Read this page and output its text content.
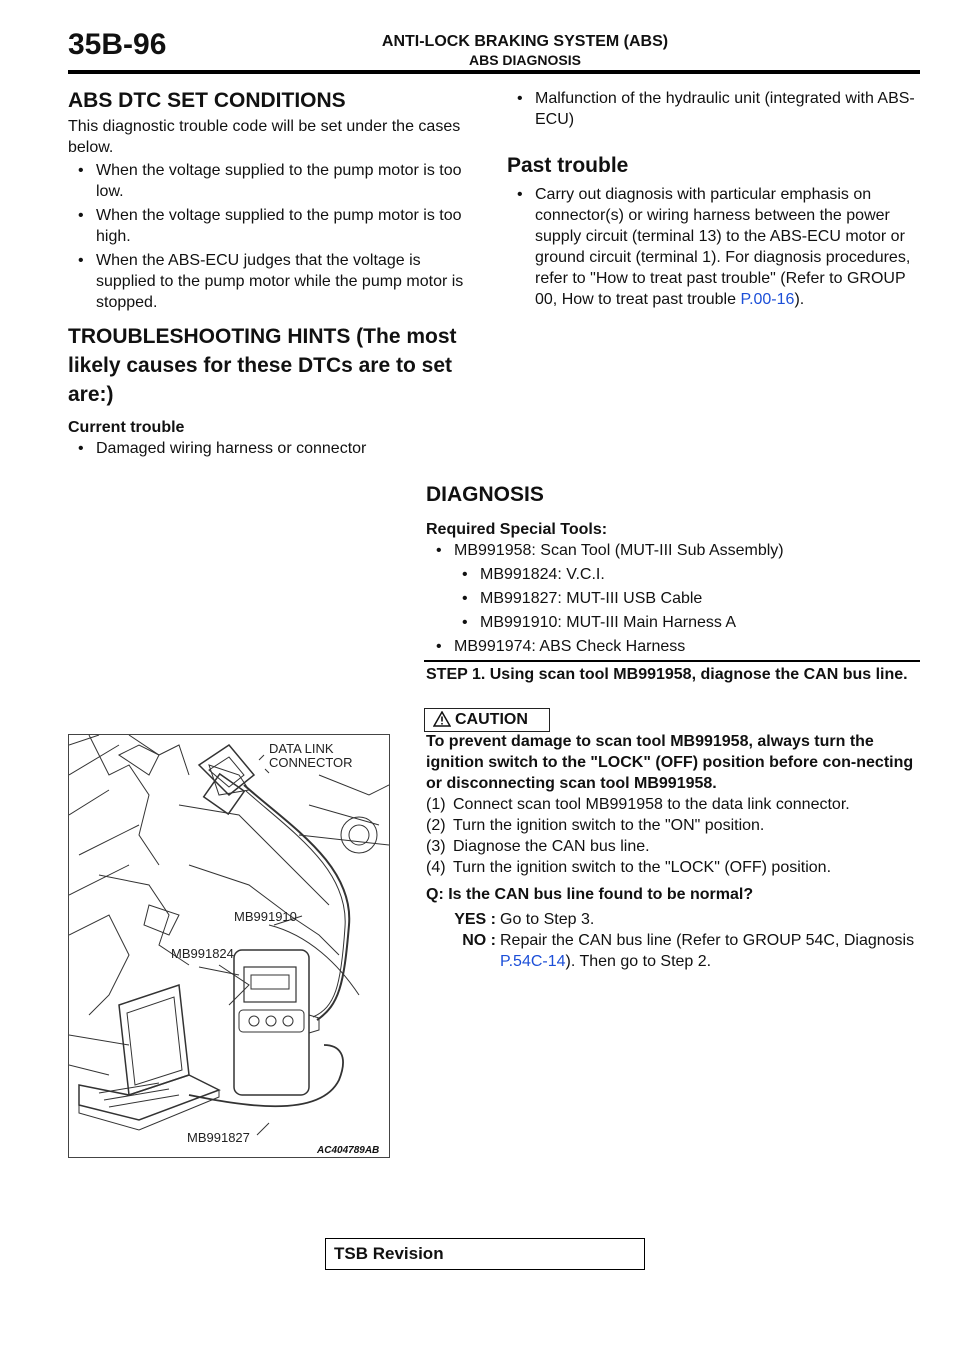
35B-96	ANTI-LOCK BRAKING SYSTEM (ABS)
ABS DIAGNOSIS
ABS DTC SET CONDITIONS
This diagnostic trouble code will be set under the cases below.
• When the voltage supplied to the pump motor is too low.
• When the voltage supplied to the pump motor is too high.
• When the ABS-ECU judges that the voltage is supplied to the pump motor while the pump motor is stopped.
TROUBLESHOOTING HINTS (The most likely causes for these DTCs are to set are:)
Current trouble
• Damaged wiring harness or connector
• Malfunction of the hydraulic unit (integrated with ABS-ECU)
Past trouble
• Carry out diagnosis with particular emphasis on connector(s) or wiring harness between the power supply circuit (terminal 13) to the ABS-ECU motor or ground circuit (terminal 1). For diagnosis procedures, refer to "How to treat past trouble" (Refer to GROUP 00, How to treat past trouble P.00-16).
DIAGNOSIS
Required Special Tools:
• MB991958: Scan Tool (MUT-III Sub Assembly)
• MB991824: V.C.I.
• MB991827: MUT-III USB Cable
• MB991910: MUT-III Main Harness A
• MB991974: ABS Check Harness
STEP 1. Using scan tool MB991958, diagnose the CAN bus line.
CAUTION
To prevent damage to scan tool MB991958, always turn the ignition switch to the "LOCK" (OFF) position before con-necting or disconnecting scan tool MB991958.
(1) Connect scan tool MB991958 to the data link connector.
(2) Turn the ignition switch to the "ON" position.
(3) Diagnose the CAN bus line.
(4) Turn the ignition switch to the "LOCK" (OFF) position.
Q: Is the CAN bus line found to be normal?
YES : Go to Step 3.
NO : Repair the CAN bus line (Refer to GROUP 54C, Diagnosis P.54C-14). Then go to Step 2.
DATA LINK
CONNECTOR
MB991910
MB991824
MB991827
AC404789AB
TSB Revision
